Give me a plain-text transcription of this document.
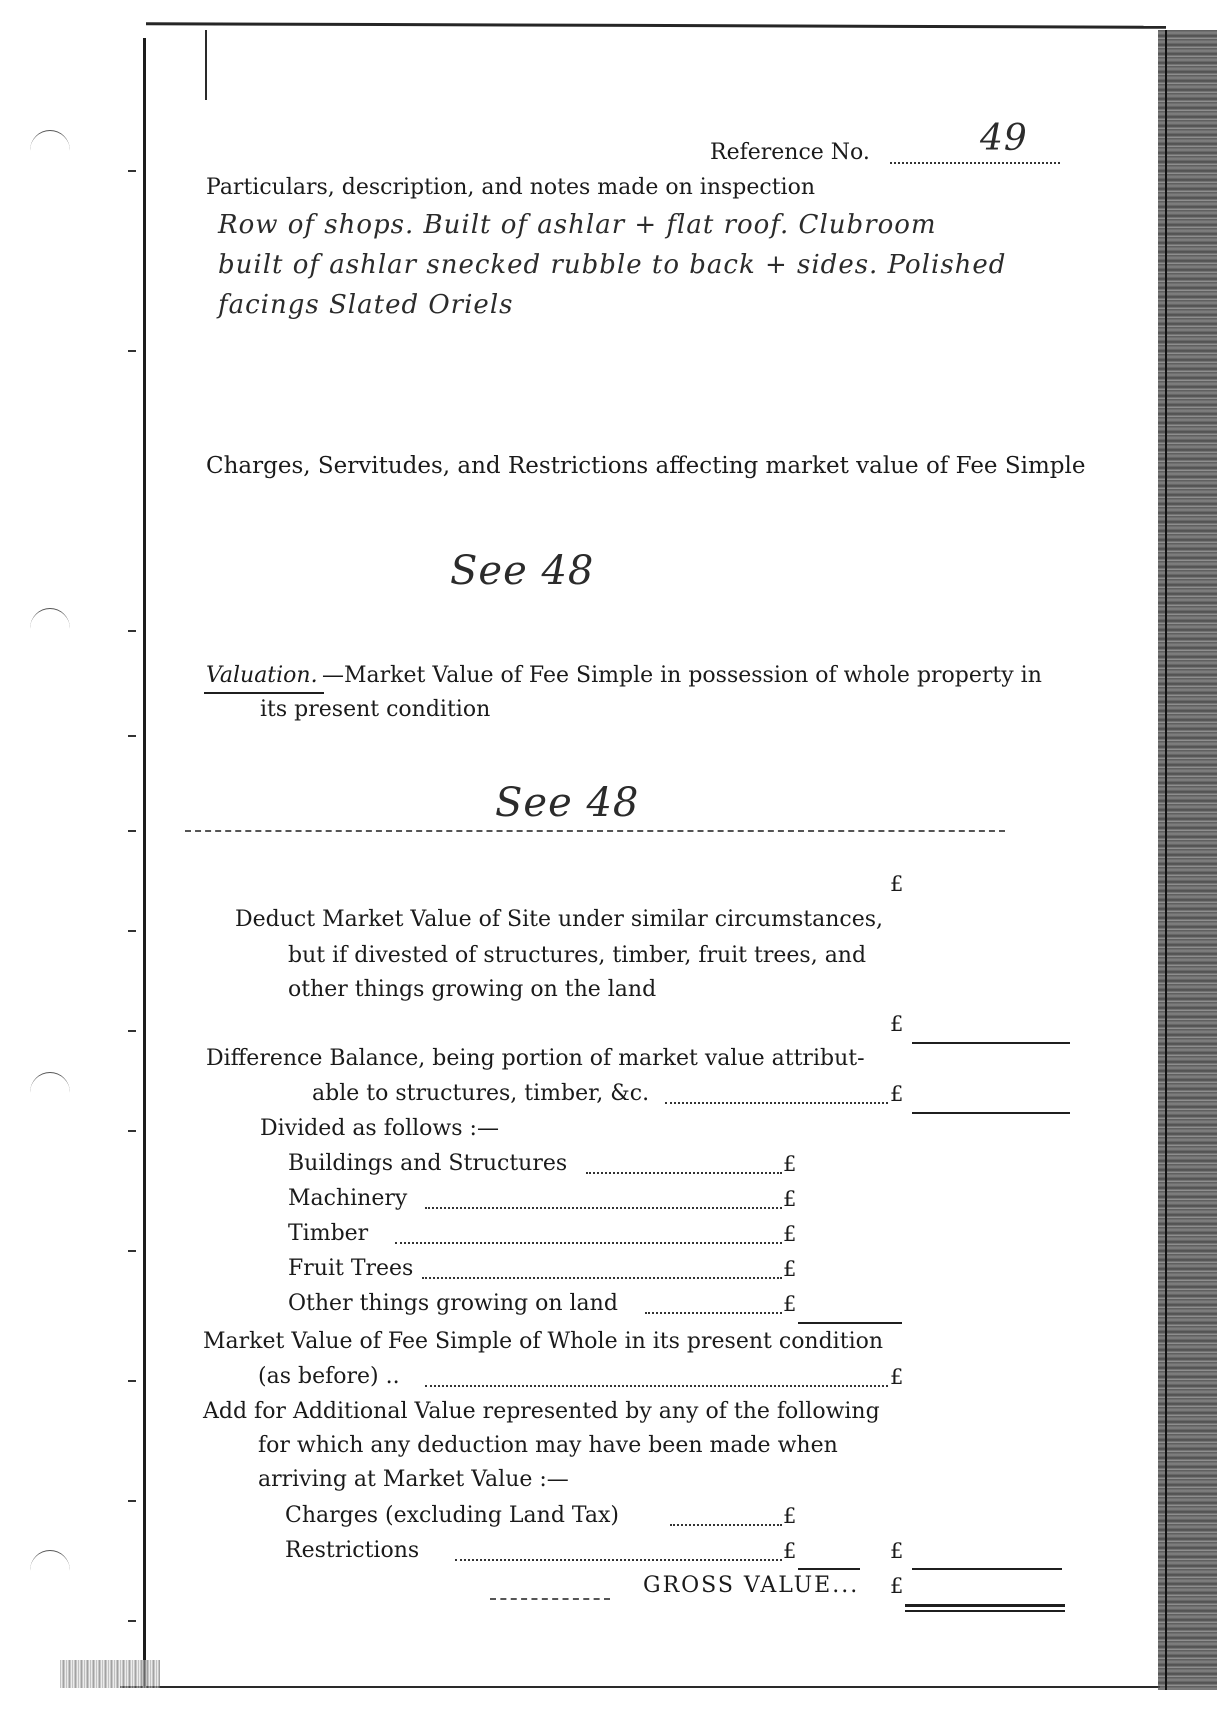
Reference No.	49
Particulars, description, and notes made on inspection
Row of shops. Built of ashlar + flat roof. Clubroom
built of ashlar snecked rubble to back + sides. Polished
facings Slated Oriels
Charges, Servitudes, and Restrictions affecting market value of Fee Simple
See 48
Valuation. —Market Value of Fee Simple in possession of whole property in
its present condition
See 48
£
Deduct Market Value of Site under similar circumstances,
but if divested of structures, timber, fruit trees, and
other things growing on the land
£
Difference Balance, being portion of market value attribut-
able to structures, timber, &c.	£
Divided as follows :—
Buildings and Structures	£
Machinery	£
Timber	£
Fruit Trees	£
Other things growing on land	£
Market Value of Fee Simple of Whole in its present condition
(as before) ..	£
Add for Additional Value represented by any of the following
for which any deduction may have been made when
arriving at Market Value :—
Charges (excluding Land Tax)	£
Restrictions	£	£
GROSS VALUE... £
